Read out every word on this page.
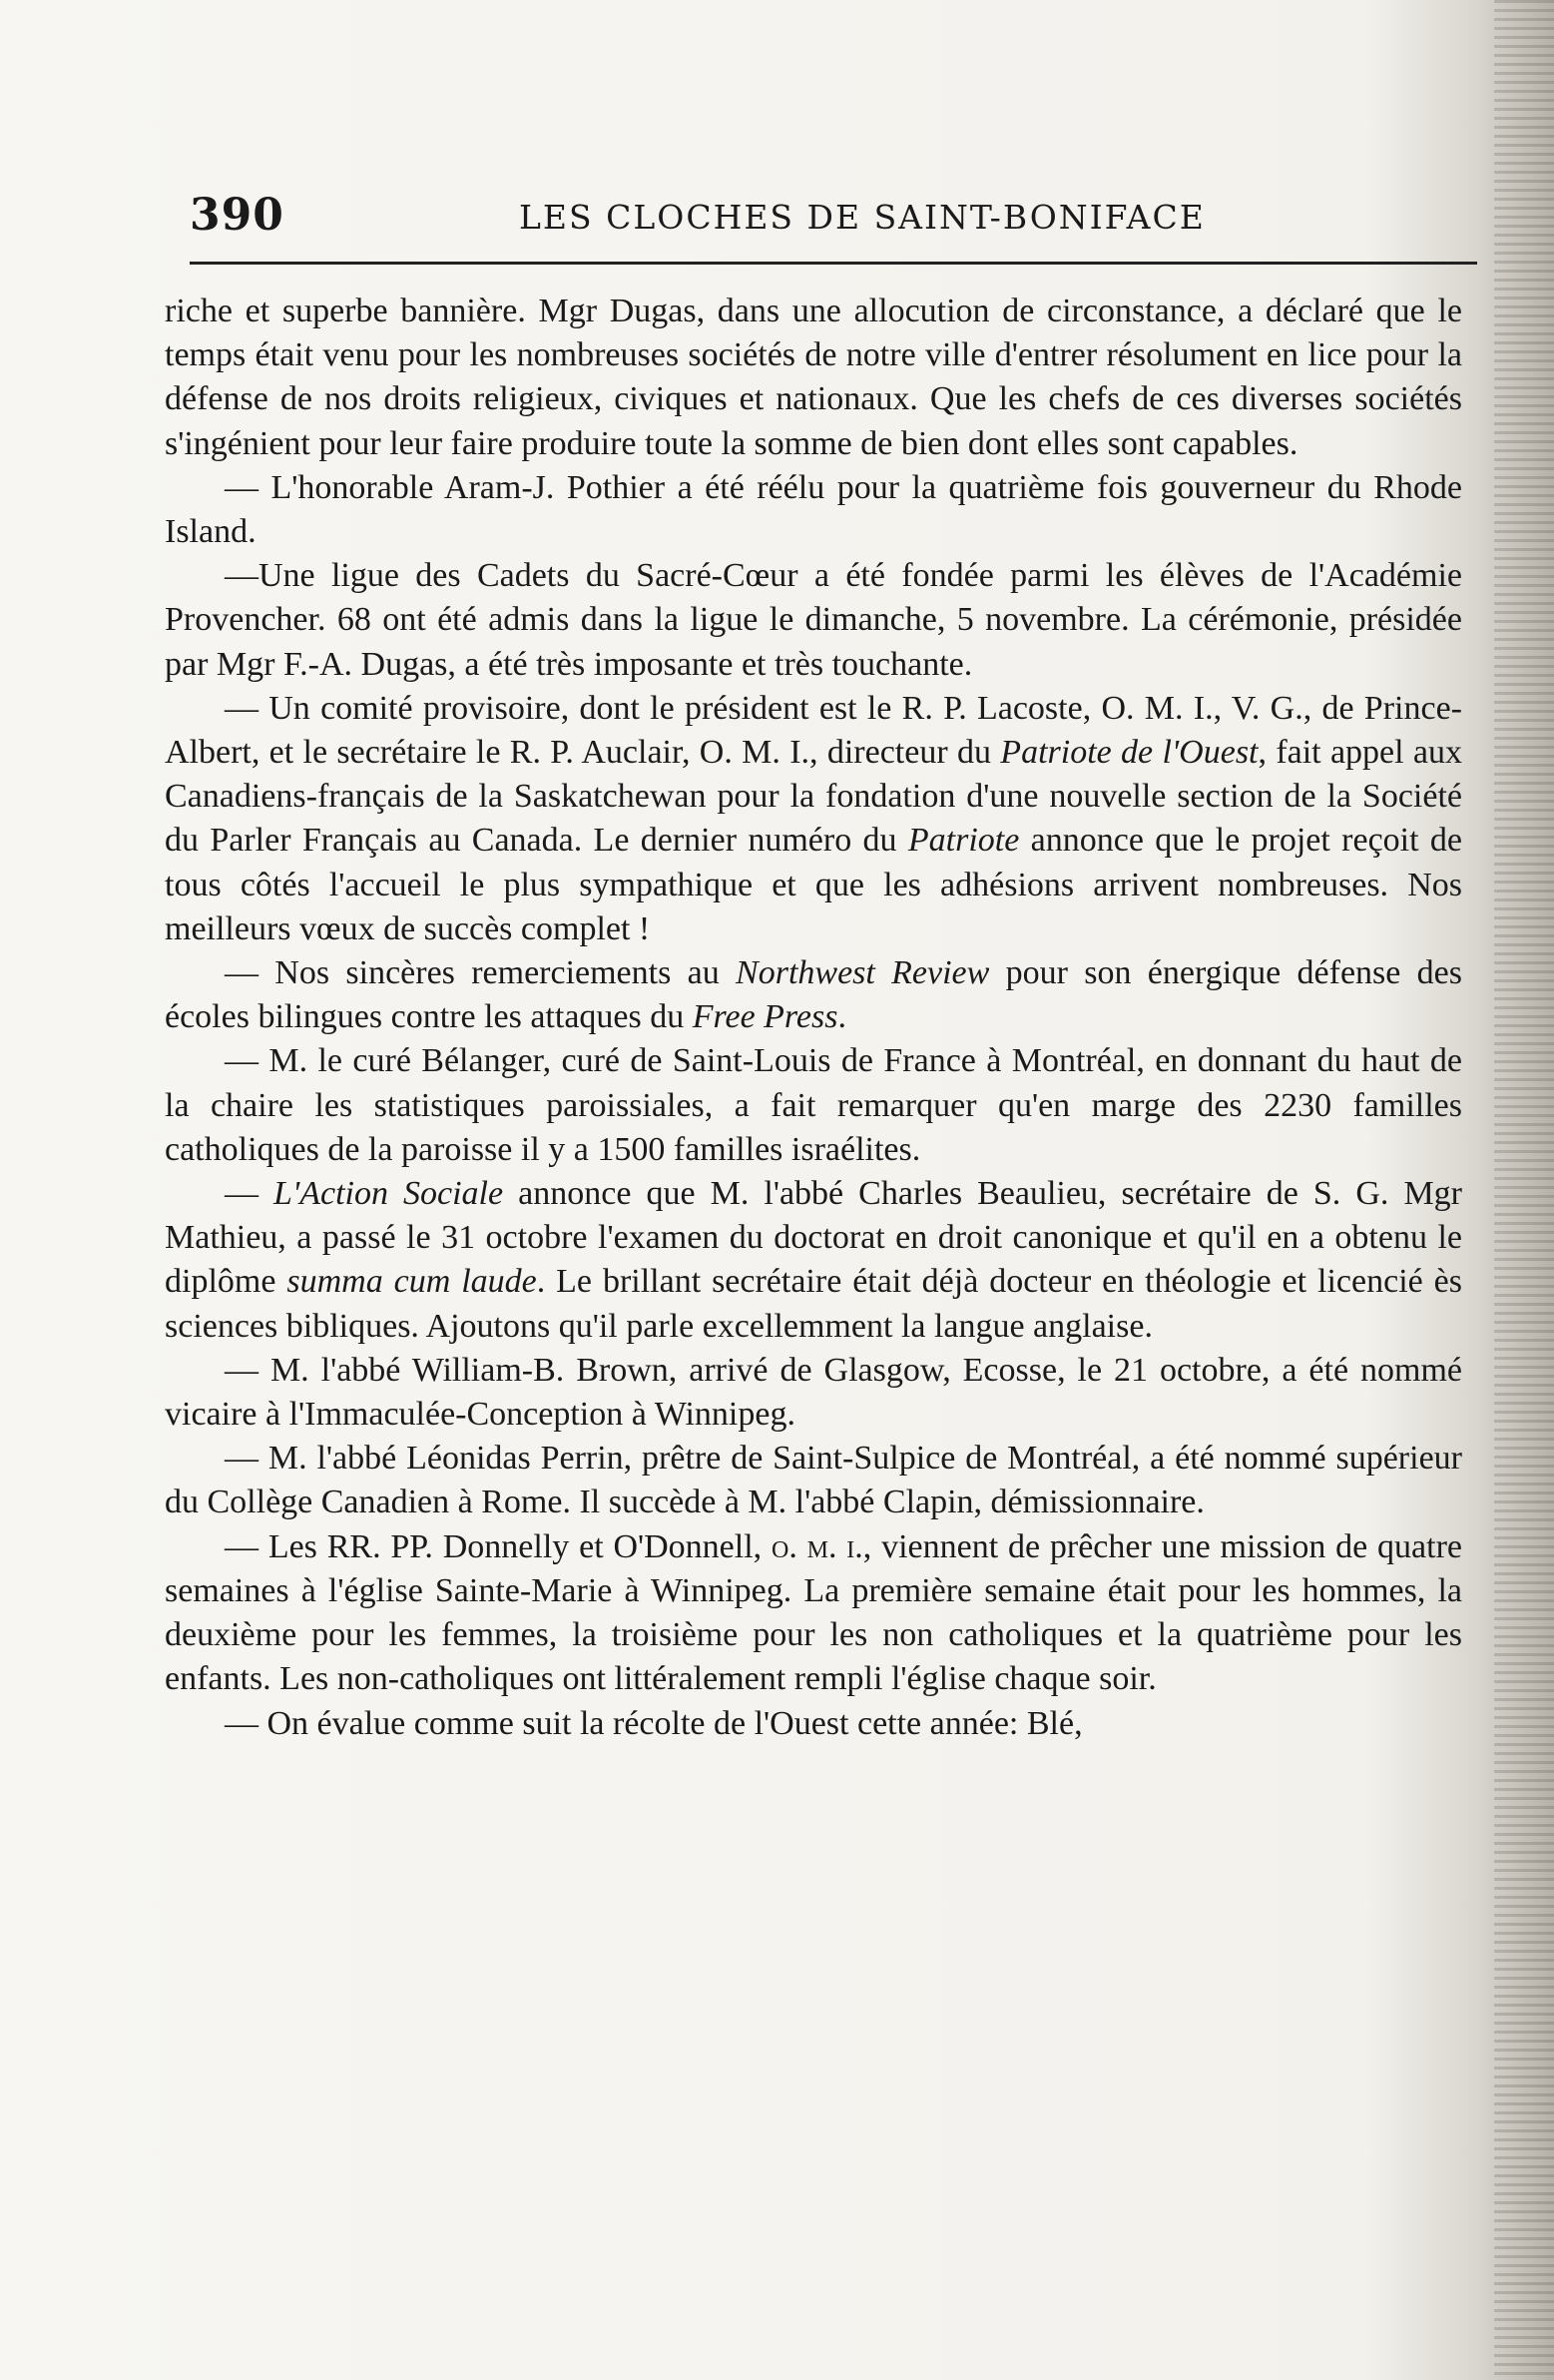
390	LES CLOCHES DE SAINT-BONIFACE

riche et superbe bannière. Mgr Dugas, dans une allocution de circonstance, a déclaré que le temps était venu pour les nombreuses sociétés de notre ville d'entrer résolument en lice pour la défense de nos droits religieux, civiques et nationaux. Que les chefs de ces diverses sociétés s'ingénient pour leur faire produire toute la somme de bien dont elles sont capables.

— L'honorable Aram-J. Pothier a été réélu pour la quatrième fois gouverneur du Rhode Island.

—Une ligue des Cadets du Sacré-Cœur a été fondée parmi les élèves de l'Académie Provencher. 68 ont été admis dans la ligue le dimanche, 5 novembre. La cérémonie, présidée par Mgr F.-A. Dugas, a été très imposante et très touchante.

— Un comité provisoire, dont le président est le R. P. Lacoste, O. M. I., V. G., de Prince-Albert, et le secrétaire le R. P. Auclair, O. M. I., directeur du Patriote de l'Ouest, fait appel aux Canadiens-français de la Saskatchewan pour la fondation d'une nouvelle section de la Société du Parler Français au Canada. Le dernier numéro du Patriote annonce que le projet reçoit de tous côtés l'accueil le plus sympathique et que les adhésions arrivent nombreuses. Nos meilleurs vœux de succès complet !

— Nos sincères remerciements au Northwest Review pour son énergique défense des écoles bilingues contre les attaques du Free Press.

— M. le curé Bélanger, curé de Saint-Louis de France à Montréal, en donnant du haut de la chaire les statistiques paroissiales, a fait remarquer qu'en marge des 2230 familles catholiques de la paroisse il y a 1500 familles israélites.

— L'Action Sociale annonce que M. l'abbé Charles Beaulieu, secrétaire de S. G. Mgr Mathieu, a passé le 31 octobre l'examen du doctorat en droit canonique et qu'il en a obtenu le diplôme summa cum laude. Le brillant secrétaire était déjà docteur en théologie et licencié ès sciences bibliques. Ajoutons qu'il parle excellemment la langue anglaise.

— M. l'abbé William-B. Brown, arrivé de Glasgow, Ecosse, le 21 octobre, a été nommé vicaire à l'Immaculée-Conception à Winnipeg.

— M. l'abbé Léonidas Perrin, prêtre de Saint-Sulpice de Montréal, a été nommé supérieur du Collège Canadien à Rome. Il succède à M. l'abbé Clapin, démissionnaire.

— Les RR. PP. Donnelly et O'Donnell, o. m. i., viennent de prêcher une mission de quatre semaines à l'église Sainte-Marie à Winnipeg. La première semaine était pour les hommes, la deuxième pour les femmes, la troisième pour les non catholiques et la quatrième pour les enfants. Les non-catholiques ont littéralement rempli l'église chaque soir.

— On évalue comme suit la récolte de l'Ouest cette année: Blé,
